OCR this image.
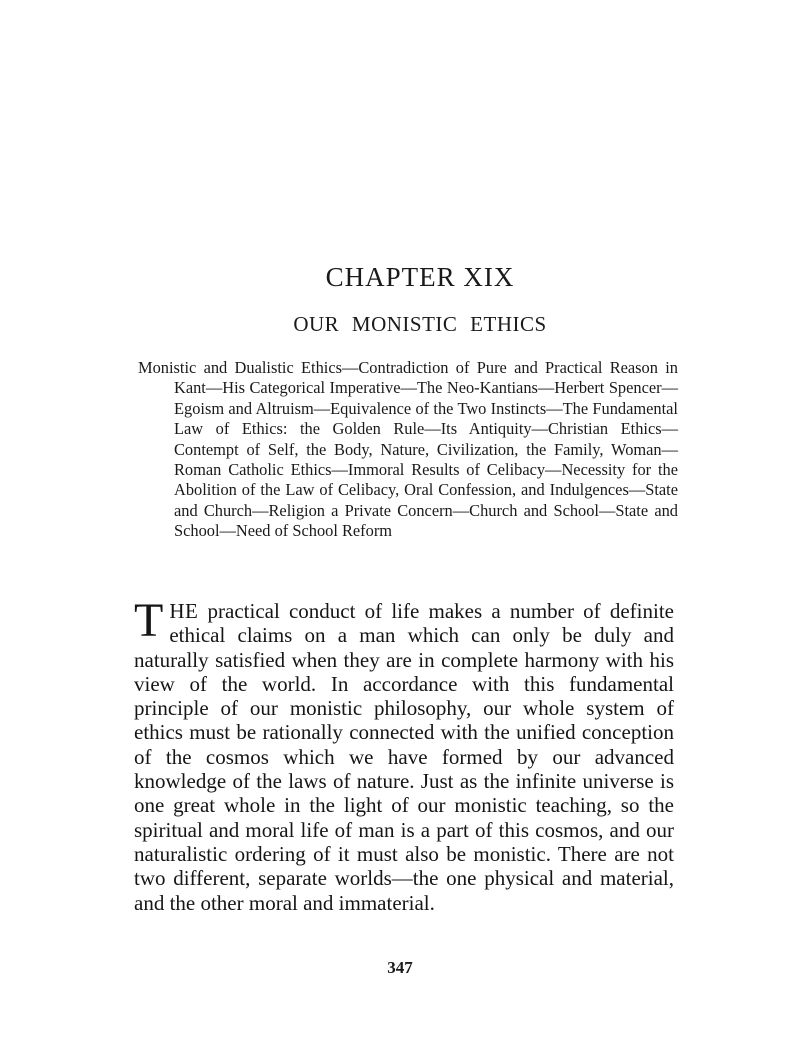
CHAPTER XIX
OUR MONISTIC ETHICS

Monistic and Dualistic Ethics—Contradiction of Pure and Practical Reason in Kant—His Categorical Imperative—The Neo-Kantians—Herbert Spencer—Egoism and Altruism—Equivalence of the Two Instincts—The Fundamental Law of Ethics: the Golden Rule—Its Antiquity—Christian Ethics—Contempt of Self, the Body, Nature, Civilization, the Family, Woman—Roman Catholic Ethics—Immoral Results of Celibacy—Necessity for the Abolition of the Law of Celibacy, Oral Confession, and Indulgences—State and Church—Religion a Private Concern—Church and School—State and School—Need of School Reform

THE practical conduct of life makes a number of definite ethical claims on a man which can only be duly and naturally satisfied when they are in complete harmony with his view of the world. In accordance with this fundamental principle of our monistic philosophy, our whole system of ethics must be rationally connected with the unified conception of the cosmos which we have formed by our advanced knowledge of the laws of nature. Just as the infinite universe is one great whole in the light of our monistic teaching, so the spiritual and moral life of man is a part of this cosmos, and our naturalistic ordering of it must also be monistic. There are not two different, separate worlds—the one physical and material, and the other moral and immaterial.

347
